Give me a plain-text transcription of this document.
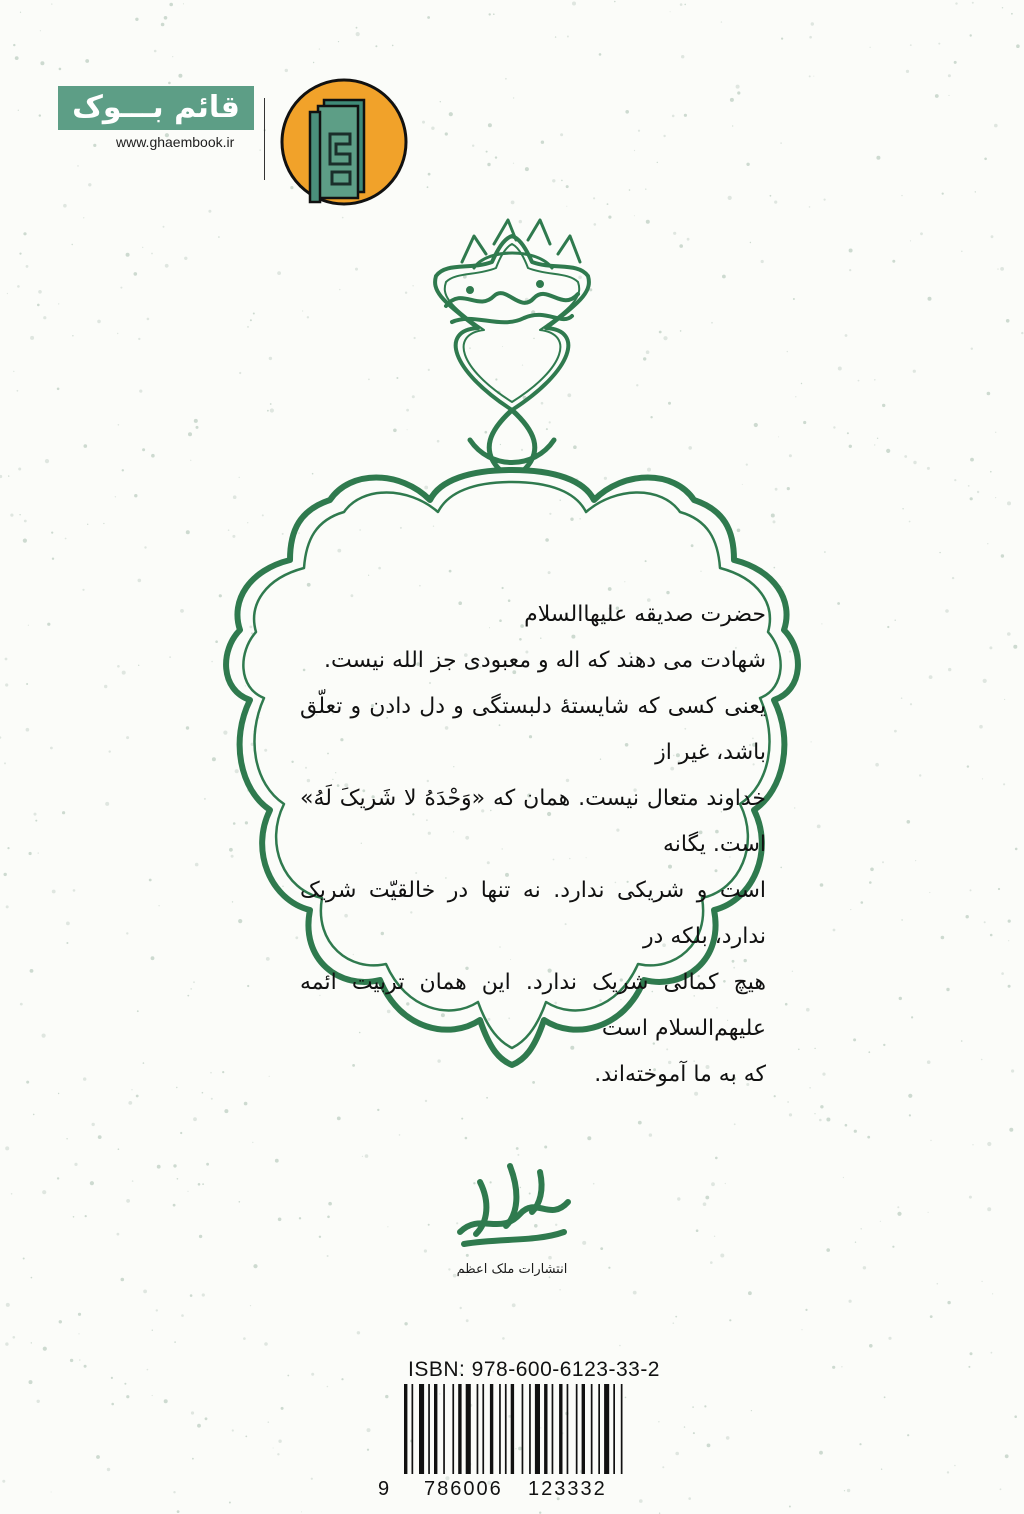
قائم بـــوک
www.ghaembook.ir

حضرت صدیقه علیهاالسلام

شهادت می دهند که اله و معبودی جز الله نیست.

یعنی کسی که شایستهٔ دلبستگی و دل دادن و تعلّق باشد، غیر از

خداوند متعال نیست. همان که «وَحْدَهُ لا شَریکَ لَهُ» است. یگانه

است و شریکی ندارد. نه تنها در خالقیّت شریک ندارد، بلکه در

هیچ کمالی شریک ندارد. این همان تربیت ائمه علیهم‌السلام است

که به ما آموخته‌اند.

ملک اعظم
انتشارات ملک اعظم
ISBN: 978-600-6123-33-2
9 786006 123332
